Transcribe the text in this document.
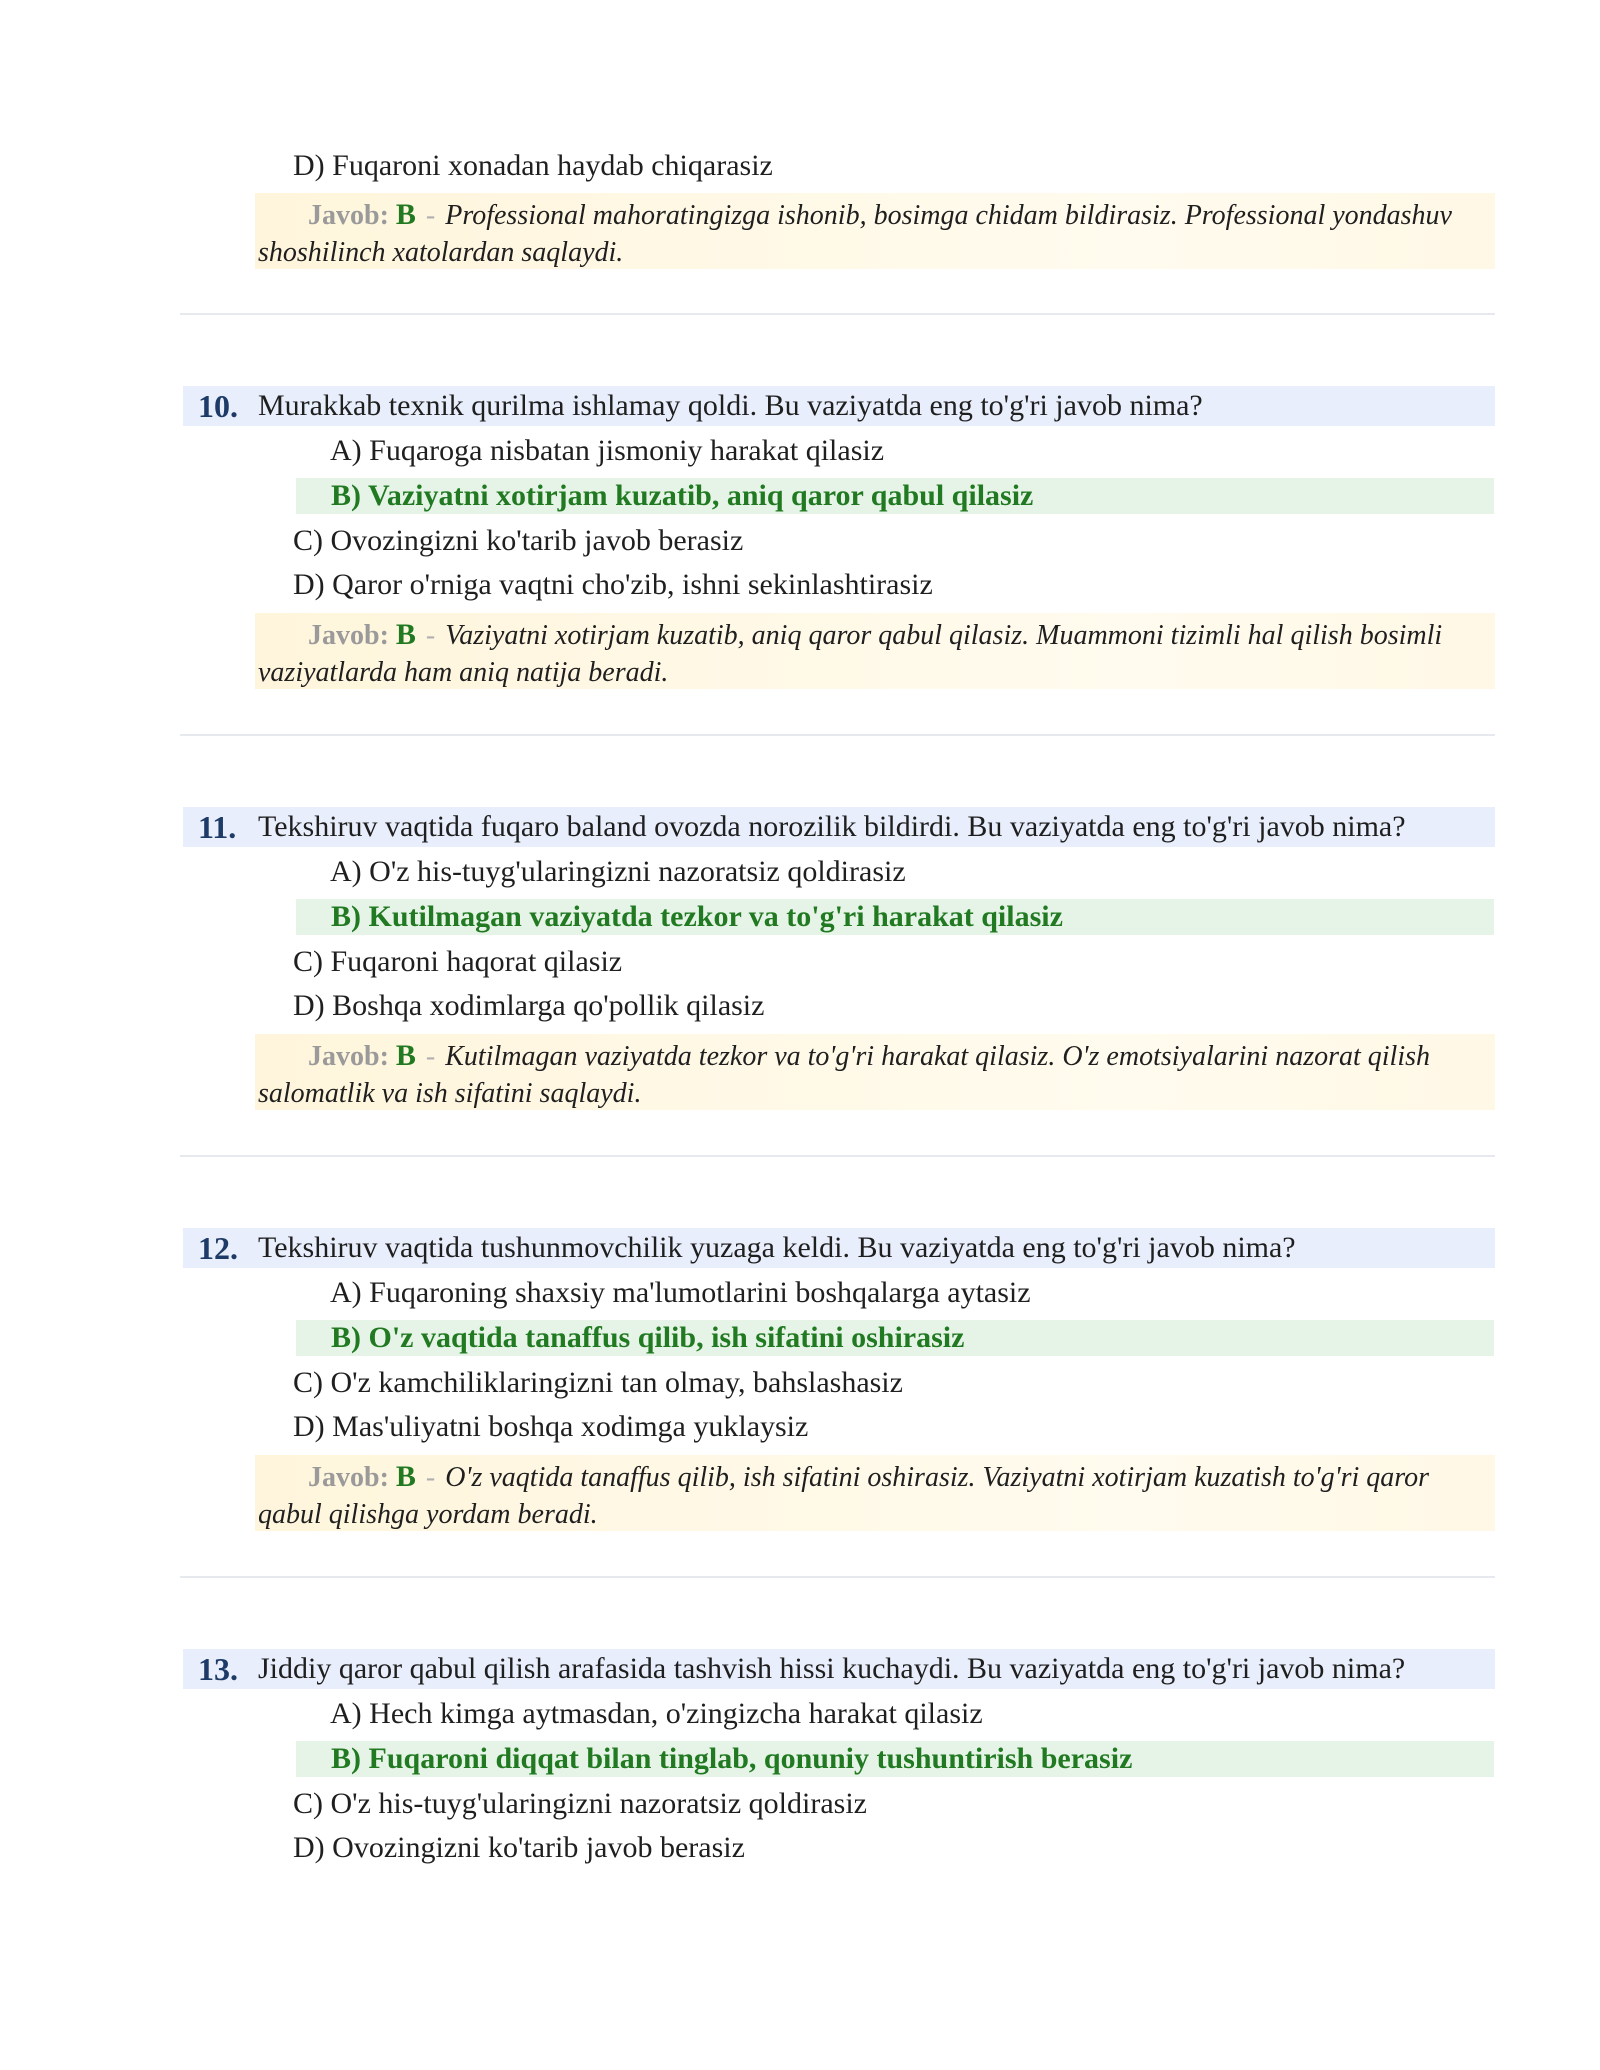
D) Fuqaroni xonadan haydab chiqarasiz
Javob: B - Professional mahoratingizga ishonib, bosimga chidam bildirasiz. Professional yondashuv shoshilinch xatolardan saqlaydi.
10. Murakkab texnik qurilma ishlamay qoldi. Bu vaziyatda eng to'g'ri javob nima?
A) Fuqaroga nisbatan jismoniy harakat qilasiz
B) Vaziyatni xotirjam kuzatib, aniq qaror qabul qilasiz
C) Ovozingizni ko'tarib javob berasiz
D) Qaror o'rniga vaqtni cho'zib, ishni sekinlashtirasiz
Javob: B - Vaziyatni xotirjam kuzatib, aniq qaror qabul qilasiz. Muammoni tizimli hal qilish bosimli vaziyatlarda ham aniq natija beradi.
11. Tekshiruv vaqtida fuqaro baland ovozda norozilik bildirdi. Bu vaziyatda eng to'g'ri javob nima?
A) O'z his-tuyg'ularingizni nazoratsiz qoldirasiz
B) Kutilmagan vaziyatda tezkor va to'g'ri harakat qilasiz
C) Fuqaroni haqorat qilasiz
D) Boshqa xodimlarga qo'pollik qilasiz
Javob: B - Kutilmagan vaziyatda tezkor va to'g'ri harakat qilasiz. O'z emotsiyalarini nazorat qilish salomatlik va ish sifatini saqlaydi.
12. Tekshiruv vaqtida tushunmovchilik yuzaga keldi. Bu vaziyatda eng to'g'ri javob nima?
A) Fuqaroning shaxsiy ma'lumotlarini boshqalarga aytasiz
B) O'z vaqtida tanaffus qilib, ish sifatini oshirasiz
C) O'z kamchiliklaringizni tan olmay, bahslashasiz
D) Mas'uliyatni boshqa xodimga yuklaysiz
Javob: B - O'z vaqtida tanaffus qilib, ish sifatini oshirasiz. Vaziyatni xotirjam kuzatish to'g'ri qaror qabul qilishga yordam beradi.
13. Jiddiy qaror qabul qilish arafasida tashvish hissi kuchaydi. Bu vaziyatda eng to'g'ri javob nima?
A) Hech kimga aytmasdan, o'zingizcha harakat qilasiz
B) Fuqaroni diqqat bilan tinglab, qonuniy tushuntirish berasiz
C) O'z his-tuyg'ularingizni nazoratsiz qoldirasiz
D) Ovozingizni ko'tarib javob berasiz
